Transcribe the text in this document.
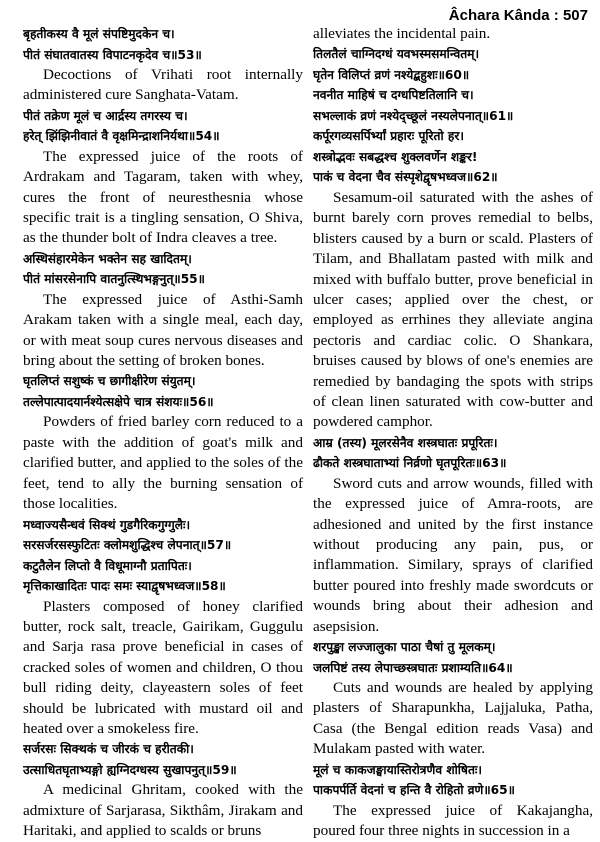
Âchara Kânda : 507
बृहतीकस्य वै मूलं संपष्टिमुदकेन च।
पीतं संघातवातस्य विपाटनकृदेव च॥53॥

Decoctions of Vrihati root internally administered cure Sanghata-Vatam.

पीतं तक्रेण मूलं च आर्द्रस्य तगरस्य च।
हरेत् झिंझिनीवातं वै वृक्षमिन्द्राशनिर्यथा॥54॥

The expressed juice of the roots of Ardrakam and Tagaram, taken with whey, cures the front of neuresthesnia whose specific trait is a tingling sensation, O Shiva, as the thunder bolt of Indra cleaves a tree.

अस्थिसंहारमेकेन भक्तेन सह खादितम्।
पीतं मांसरसेनापि वातनुत्स्थिभङ्गनुत्॥55॥

The expressed juice of Asthi-Samh Arakam taken with a single meal, each day, or with meat soup cures nervous diseases and bring about the setting of broken bones.

घृतलिप्तं सशुष्कं च छागीक्षीरेण संयुतम्।
तल्लेपात्पादयार्नश्येत्सक्षेपे चात्र संशयः॥56॥

Powders of fried barley corn reduced to a paste with the addition of goat's milk and clarified butter, and applied to the soles of the feet, tend to ally the burning sensation of those localities.

मध्वाज्यसैन्धवं सिक्थं गुडगैरिकगुग्गुलैः।
सरसर्जरसस्फुटितः क्लोमशुद्धिश्च लेपनात्॥57॥
कटुतैलेन लिप्तो वै विधूमाग्नौ प्रतापितः।
मृत्तिकाखादितः पादः समः स्याद्वृषभध्वज॥58॥

Plasters composed of honey clarified butter, rock salt, treacle, Gairikam, Guggulu and Sarja rasa prove beneficial in cases of cracked soles of women and children, O thou bull riding deity, clayeastern soles of feet should be lubricated with mustard oil and heated over a smokeless fire.

सर्जरसः सिक्थकं च जीरकं च हरीतकी।
उत्साधितघृताभ्यङ्गो ह्यग्निदग्धस्य सुखापनुत्॥59॥

A medicinal Ghritam, cooked with the admixture of Sarjarasa, Sikthâm, Jirakam and Haritaki, and applied to scalds or bruns

alleviates the incidental pain.

तिलतैलं चाग्निदग्धं यवभस्मसमन्वितम्।
घृतेन विलिप्तं व्रणं नश्येद्बहुशः॥60॥
नवनीत माहिषं च दग्धपिष्टतिलानि च।
सभल्लाकं व्रणं नश्येद्च्छूलं नस्यलेपनात्॥61॥
कर्पूरगव्यसर्पिर्भ्यां प्रहारः पूरितो हर।
शस्त्रोद्भवः सबद्धश्च शुक्लवर्णेन शङ्कर!
पाकं च वेदना चैव संस्पृशेद्वृषभध्वज॥62॥

Sesamum-oil saturated with the ashes of burnt barely corn proves remedial to belbs, blisters caused by a burn or scald. Plasters of Tilam, and Bhallatam pasted with milk and mixed with buffalo butter, prove beneficial in ulcer cases; applied over the chest, or employed as errhines they alleviate angina pectoris and cardiac colic. O Shankara, bruises caused by blows of one's enemies are remedied by bandaging the spots with strips of clean linen saturated with cow-butter and powdered camphor.

आम्र (तस्य) मूलरसेनैव शस्त्रघातः प्रपूरितः।
ढौकते शस्त्रघाताभ्यां निर्व्रणो घृतपूरितः॥63॥

Sword cuts and arrow wounds, filled with the expressed juice of Amra-roots, are adhesioned and united by the first instance without producing any pain, pus, or inflammation. Similary, sprays of clarified butter poured into freshly made swordcuts or wounds bring about their adhesion and asepsision.

शरपुङ्खा लज्जालुका पाठा चैषां तु मूलकम्।
जलपिष्टं तस्य लेपाच्छस्त्रघातः प्रशाम्यति॥64॥

Cuts and wounds are healed by applying plasters of Sharapunkha, Lajjaluka, Patha, Casa (the Bengal edition reads Vasa) and Mulakam pasted with water.

मूलं च काकजङ्घायास्तिरोत्रणैव शोषितः।
पाकपर्पर्ति वेदनां च हन्ति वै रोहितो व्रणे॥65॥

The expressed juice of Kakajangha, poured four three nights in succession in a
